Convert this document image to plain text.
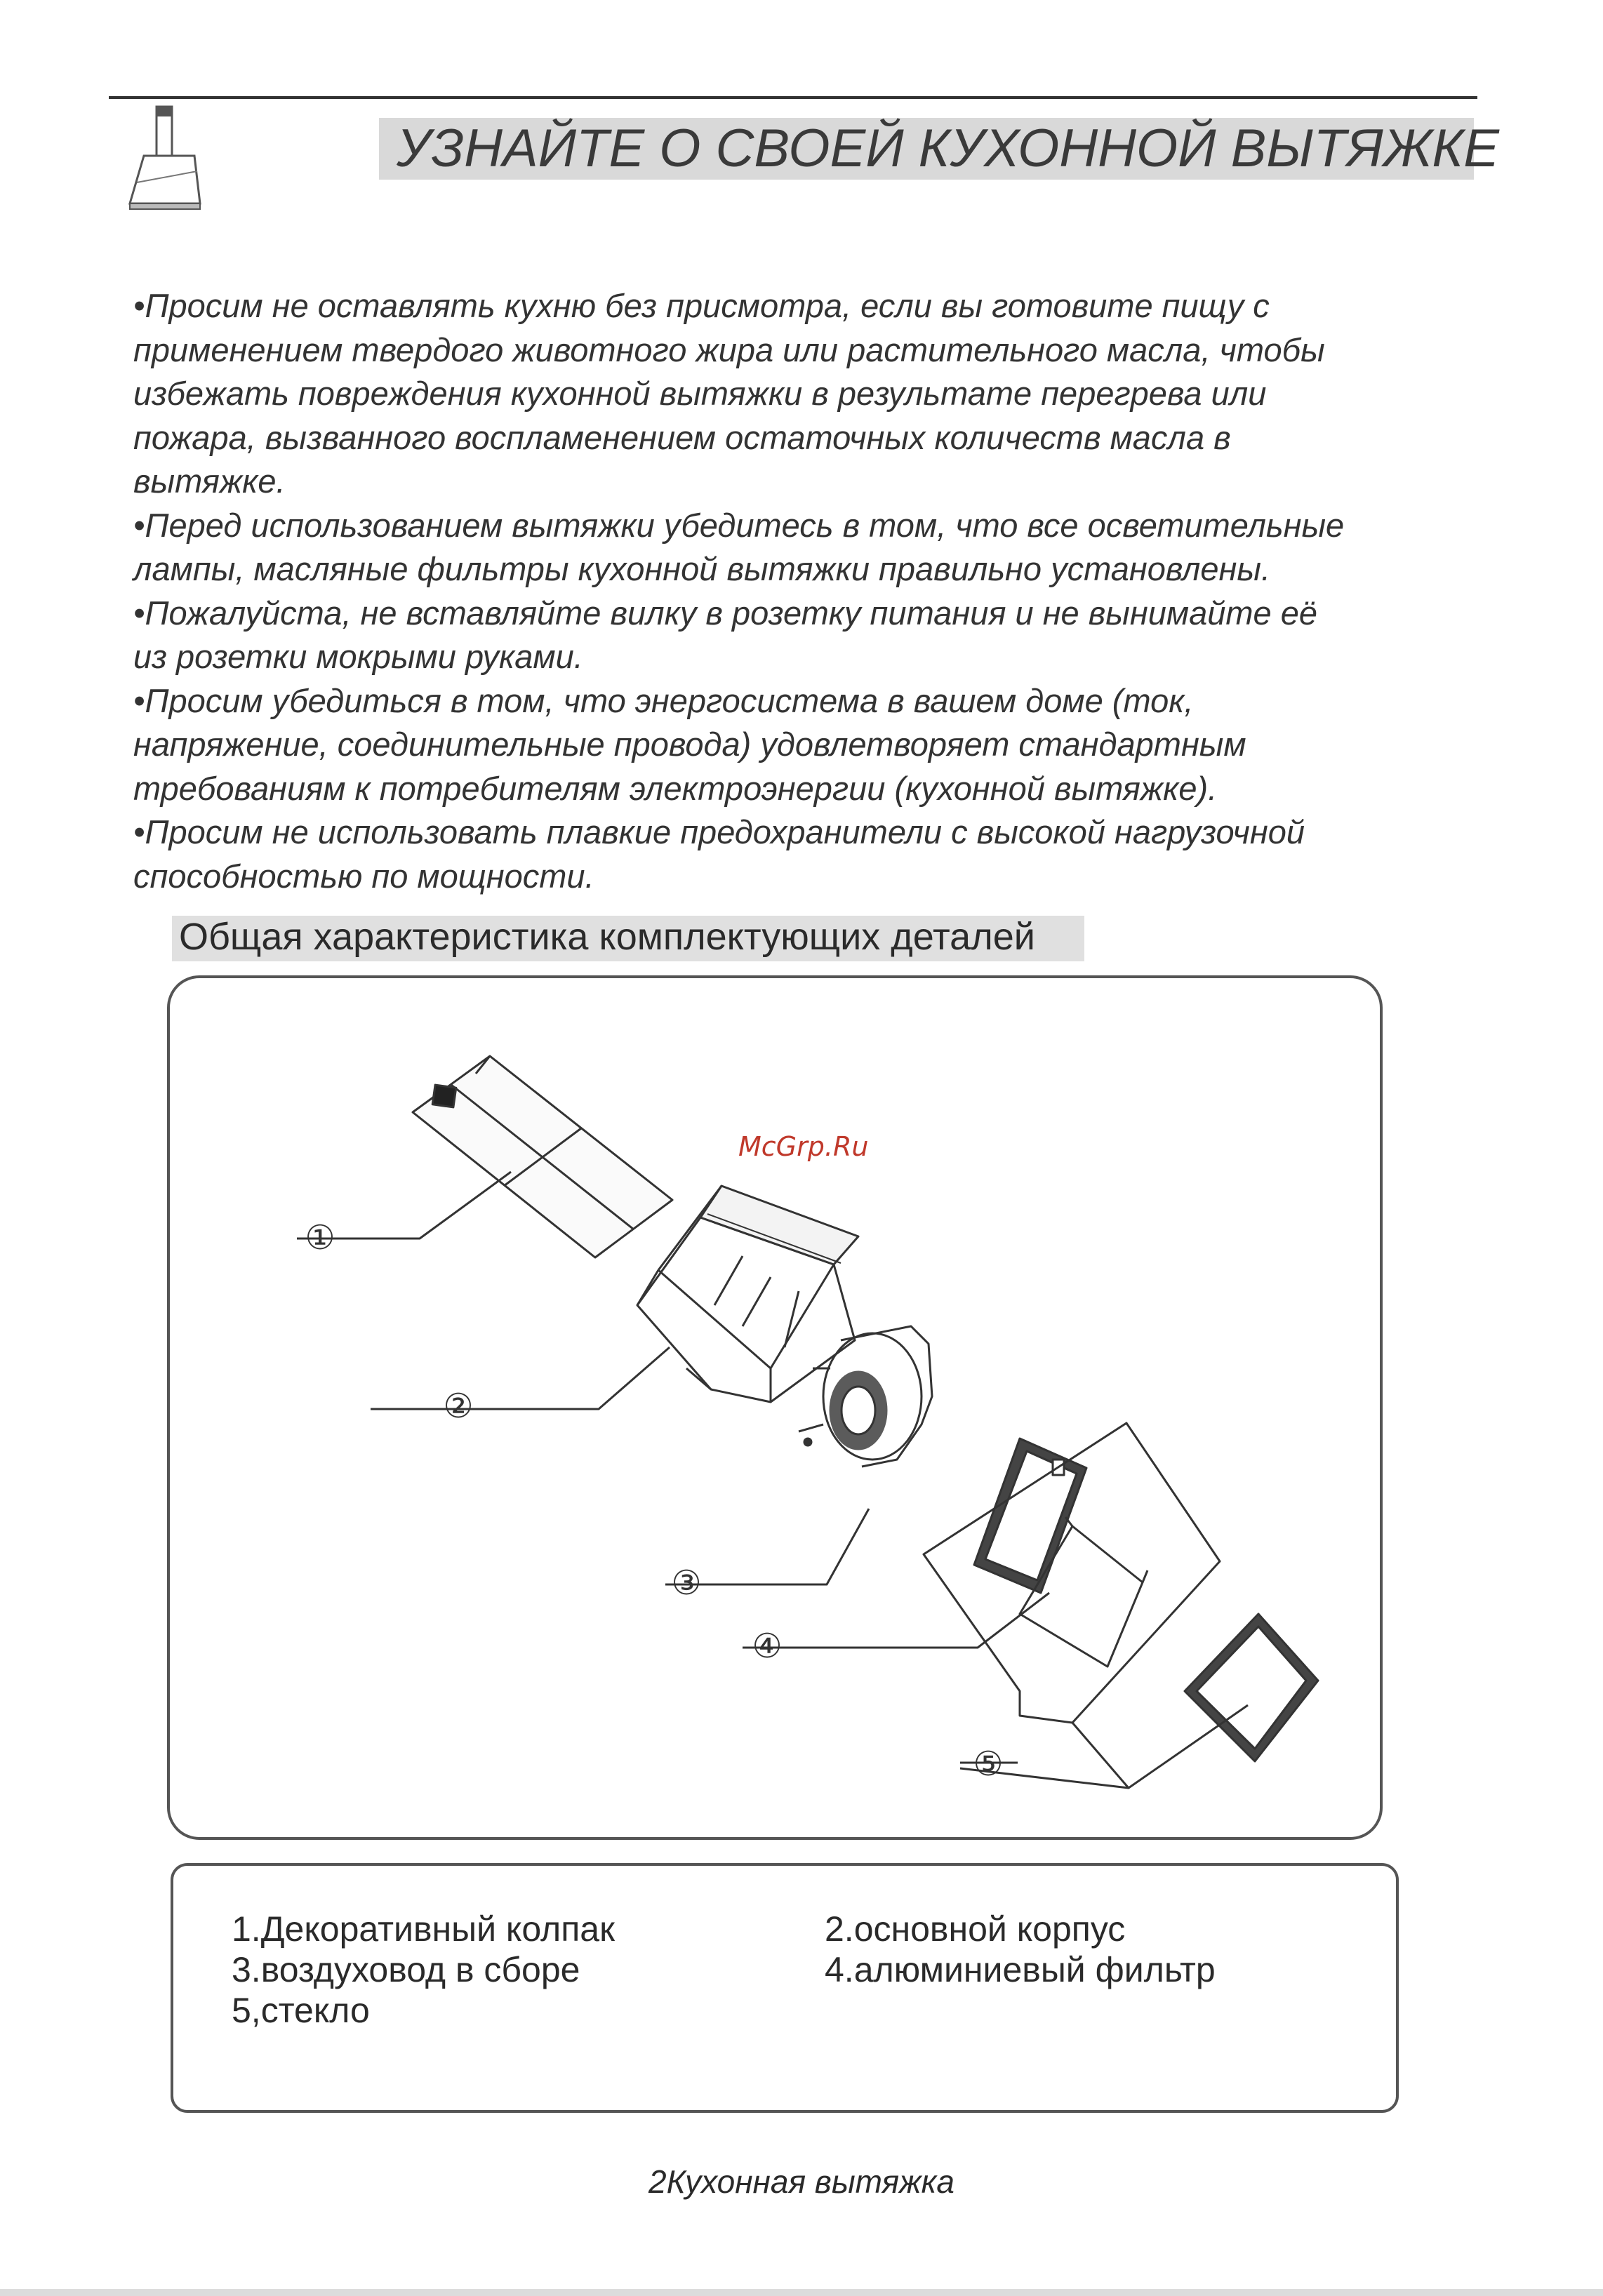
УЗНАЙТЕ О СВОЕЙ КУХОННОЙ ВЫТЯЖКЕ
•Просим не оставлять кухню без присмотра, если вы готовите пищу с
применением твердого животного жира или растительного масла, чтобы
избежать повреждения кухонной вытяжки в результате перегрева или
пожара, вызванного воспламенением остаточных количеств масла в
вытяжке.
•Перед использованием вытяжки убедитесь в том, что все осветительные
лампы, масляные фильтры кухонной вытяжки правильно установлены.
•Пожалуйста, не вставляйте вилку в розетку питания и не вынимайте её
из розетки мокрыми руками.
•Просим убедиться в том, что энергосистема в вашем доме (ток,
напряжение, соединительные провода) удовлетворяет стандартным
требованиям к потребителям электроэнергии (кухонной вытяжке).
•Просим не использовать плавкие предохранители с высокой нагрузочной
способностью по мощности.
Общая характеристика комплектующих деталей
①
②
③
④
⑤
McGrp.Ru
1.Декоративный колпак	2.основной корпус
3.воздуховод в сборе	4.алюминиевый фильтр
5,стекло
2Кухонная вытяжка
